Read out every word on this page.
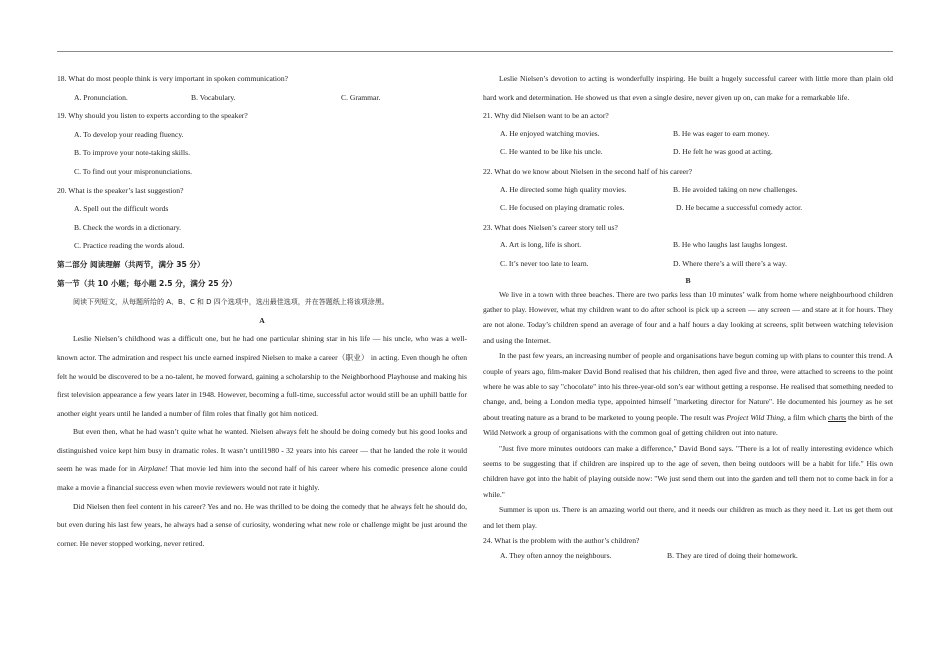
18. What do most people think is very important in spoken communication?
A. Pronunciation.	B. Vocabulary.	C. Grammar.
19. Why should you listen to experts according to the speaker?
A. To develop your reading fluency.
B. To improve your note-taking skills.
C. To find out your mispronunciations.
20. What is the speaker’s last suggestion?
A. Spell out the difficult words
B. Check the words in a dictionary.
C. Practice reading the words aloud.
第二部分 阅读理解（共两节，满分 35 分）
第一节（共 10 小题；每小题 2.5 分，满分 25 分）
阅读下列短文，从每题所给的 A、B、C 和 D 四个选项中，选出最佳选项，并在答题纸上将该项涂黑。
A
Leslie Nielsen’s childhood was a difficult one, but he had one particular shining star in his life — his uncle, who was a well-known actor. The admiration and respect his uncle earned inspired Nielsen to make a career（职业） in acting. Even though he often felt he would be discovered to be a no-talent, he moved forward, gaining a scholarship to the Neighborhood Playhouse and making his first television appearance a few years later in 1948. However, becoming a full-time, successful actor would still be an uphill battle for another eight years until he landed a number of film roles that finally got him noticed.
But even then, what he had wasn’t quite what he wanted. Nielsen always felt he should be doing comedy but his good looks and distinguished voice kept him busy in dramatic roles. It wasn’t until1980 - 32 years into his career — that he landed the role it would seem he was made for in Airplane! That movie led him into the second half of his career where his comedic presence alone could make a movie a financial success even when movie reviewers would not rate it highly.
Did Nielsen then feel content in his career? Yes and no. He was thrilled to be doing the comedy that he always felt he should do, but even during his last few years, he always had a sense of curiosity, wondering what new role or challenge might be just around the corner. He never stopped working, never retired.
Leslie Nielsen’s devotion to acting is wonderfully inspiring. He built a hugely successful career with little more than plain old hard work and determination. He showed us that even a single desire, never given up on, can make for a remarkable life.
21. Why did Nielsen want to be an actor?
A. He enjoyed watching movies.	B. He was eager to earn money.
C. He wanted to be like his uncle.	D. He felt he was good at acting.
22. What do we know about Nielsen in the second half of his career?
A. He directed some high quality movies.	B. He avoided taking on new challenges.
C. He focused on playing dramatic roles.	D. He became a successful comedy actor.
23. What does Nielsen’s career story tell us?
A. Art is long, life is short.	B. He who laughs last laughs longest.
C. It’s never too late to learn.	D. Where there’s a will there’s a way.
B
We live in a town with three beaches. There are two parks less than 10 minutes’ walk from home where neighbourhood children gather to play. However, what my children want to do after school is pick up a screen — any screen — and stare at it for hours. They are not alone. Today’s children spend an average of four and a half hours a day looking at screens, split between watching television and using the Internet.
In the past few years, an increasing number of people and organisations have begun coming up with plans to counter this trend. A couple of years ago, film-maker David Bond realised that his children, then aged five and three, were attached to screens to the point where he was able to say "chocolate" into his three-year-old son’s ear without getting a response. He realised that something needed to change, and, being a London media type, appointed himself "marketing director for Nature". He documented his journey as he set about treating nature as a brand to be marketed to young people. The result was Project Wild Thing, a film which charts the birth of the Wild Network a group of organisations with the common goal of getting children out into nature.
"Just five more minutes outdoors can make a difference," David Bond says. "There is a lot of really interesting evidence which seems to be suggesting that if children are inspired up to the age of seven, then being outdoors will be a habit for life." His own children have got into the habit of playing outside now: "We just send them out into the garden and tell them not to come back in for a while."
Summer is upon us. There is an amazing world out there, and it needs our children as much as they need it. Let us get them out and let them play.
24. What is the problem with the author’s children?
A. They often annoy the neighbours.	B. They are tired of doing their homework.
